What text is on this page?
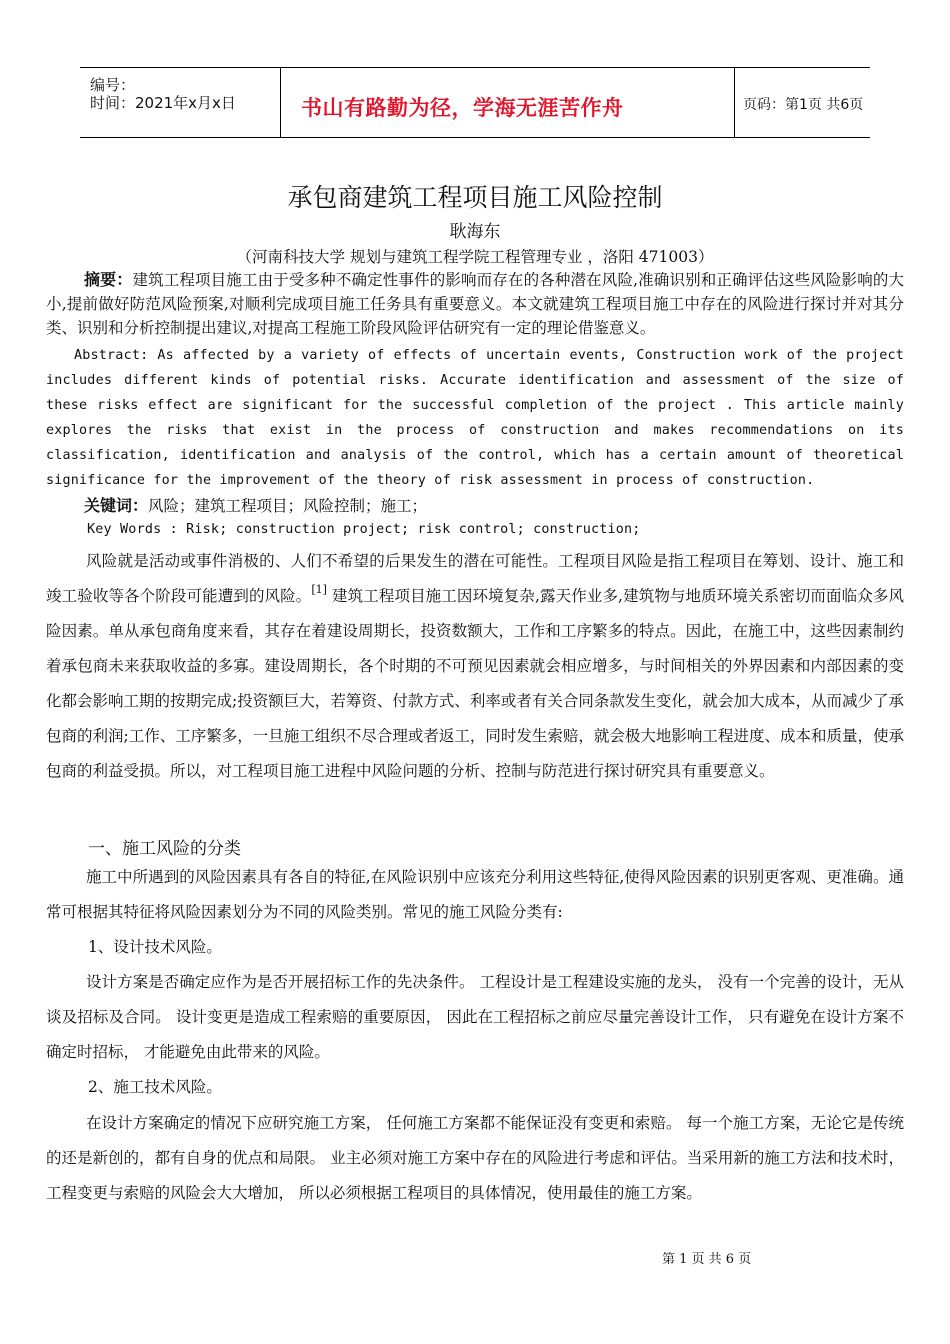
编号：
时间：2021年x月x日	书山有路勤为径，学海无涯苦作舟	页码：第1页 共6页
承包商建筑工程项目施工风险控制
耿海东
（河南科技大学 规划与建筑工程学院工程管理专业 ，洛阳 471003）
摘要：建筑工程项目施工由于受多种不确定性事件的影响而存在的各种潜在风险,准确识别和正确评估这些风险影响的大小,提前做好防范风险预案,对顺利完成项目施工任务具有重要意义。本文就建筑工程项目施工中存在的风险进行探讨并对其分类、识别和分析控制提出建议,对提高工程施工阶段风险评估研究有一定的理论借鉴意义。
Abstract: As affected by a variety of effects of uncertain events, Construction work of the project includes different kinds of potential risks. Accurate identification and assessment of the size of these risks effect are significant for the successful completion of the project . This article mainly explores the risks that exist in the process of construction and makes recommendations on its classification, identification and analysis of the control, which has a certain amount of theoretical significance for the improvement of the theory of risk assessment in process of construction.
关键词：风险；建筑工程项目；风险控制；施工；
Key Words : Risk; construction project; risk control; construction;
风险就是活动或事件消极的、人们不希望的后果发生的潜在可能性。工程项目风险是指工程项目在筹划、设计、施工和竣工验收等各个阶段可能遭到的风险。[1] 建筑工程项目施工因环境复杂,露天作业多,建筑物与地质环境关系密切而面临众多风险因素。单从承包商角度来看，其存在着建设周期长，投资数额大，工作和工序繁多的特点。因此，在施工中，这些因素制约着承包商未来获取收益的多寡。建设周期长，各个时期的不可预见因素就会相应增多，与时间相关的外界因素和内部因素的变化都会影响工期的按期完成;投资额巨大，若筹资、付款方式、利率或者有关合同条款发生变化，就会加大成本，从而减少了承包商的利润;工作、工序繁多，一旦施工组织不尽合理或者返工，同时发生索赔，就会极大地影响工程进度、成本和质量，使承包商的利益受损。所以，对工程项目施工进程中风险问题的分析、控制与防范进行探讨研究具有重要意义。
一、施工风险的分类
施工中所遇到的风险因素具有各自的特征,在风险识别中应该充分利用这些特征,使得风险因素的识别更客观、更准确。通常可根据其特征将风险因素划分为不同的风险类别。常见的施工风险分类有:
1、设计技术风险。
设计方案是否确定应作为是否开展招标工作的先决条件。 工程设计是工程建设实施的龙头， 没有一个完善的设计，无从谈及招标及合同。 设计变更是造成工程索赔的重要原因， 因此在工程招标之前应尽量完善设计工作， 只有避免在设计方案不确定时招标， 才能避免由此带来的风险。
2、施工技术风险。
在设计方案确定的情况下应研究施工方案， 任何施工方案都不能保证没有变更和索赔。 每一个施工方案，无论它是传统的还是新创的，都有自身的优点和局限。 业主必须对施工方案中存在的风险进行考虑和评估。当采用新的施工方法和技术时， 工程变更与索赔的风险会大大增加， 所以必须根据工程项目的具体情况，使用最佳的施工方案。
第 1 页 共 6 页
